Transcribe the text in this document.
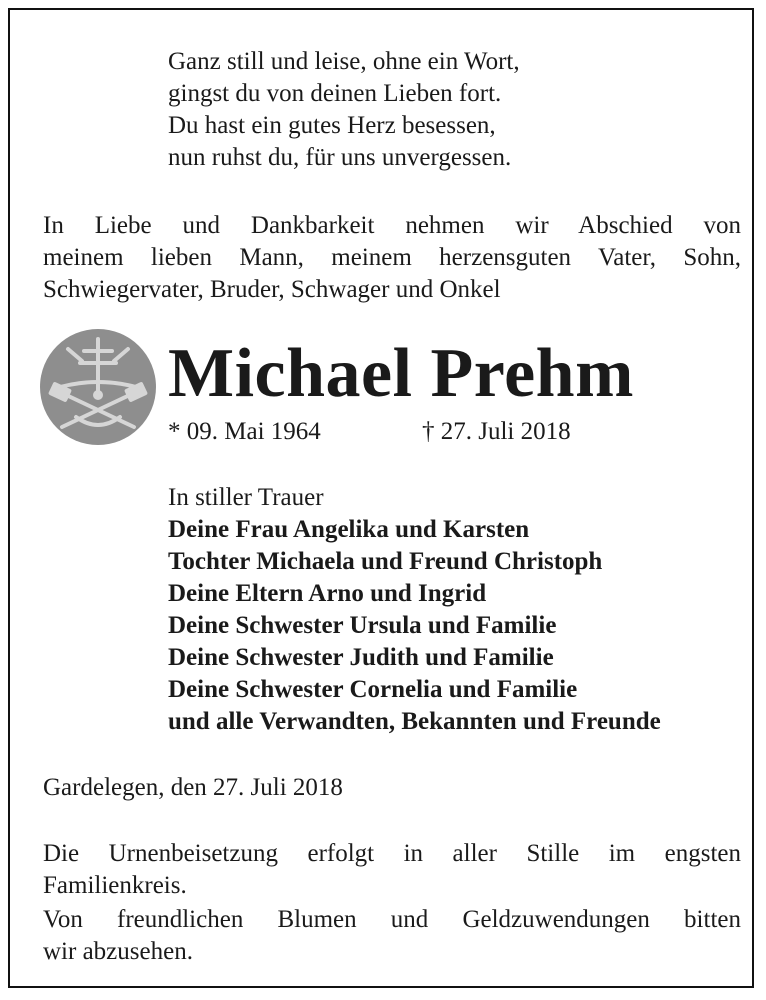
Ganz still und leise, ohne ein Wort,
gingst du von deinen Lieben fort.
Du hast ein gutes Herz besessen,
nun ruhst du, für uns unvergessen.
In Liebe und Dankbarkeit nehmen wir Abschied von
meinem lieben Mann, meinem herzensguten Vater, Sohn,
Schwiegervater, Bruder, Schwager und Onkel
Michael Prehm
* 09. Mai 1964	† 27. Juli 2018
In stiller Trauer
Deine Frau Angelika und Karsten
Tochter Michaela und Freund Christoph
Deine Eltern Arno und Ingrid
Deine Schwester Ursula und Familie
Deine Schwester Judith und Familie
Deine Schwester Cornelia und Familie
und alle Verwandten, Bekannten und Freunde
Gardelegen, den 27. Juli 2018
Die Urnenbeisetzung erfolgt in aller Stille im engsten
Familienkreis.
Von freundlichen Blumen und Geldzuwendungen bitten
wir abzusehen.
